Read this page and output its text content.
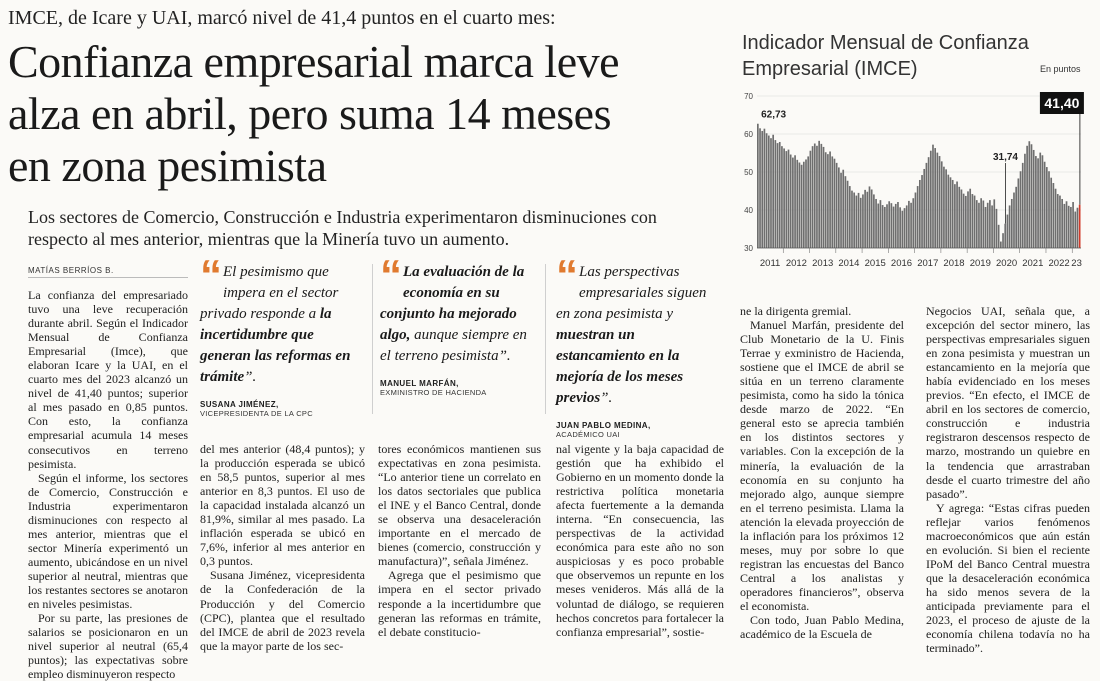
IMCE, de Icare y UAI, marcó nivel de 41,4 puntos en el cuarto mes:
Confianza empresarial marca leve
alza en abril, pero suma 14 meses
en zona pesimista
Los sectores de Comercio, Construcción e Industria experimentaron disminuciones con respecto al mes anterior, mientras que la Minería tuvo un aumento.
MATÍAS BERRÍOS B.

La confianza del empresariado tuvo una leve recuperación durante abril. Según el Indicador Mensual de Confianza Empresarial (Imce), que elaboran Icare y la UAI, en el cuarto mes del 2023 alcanzó un nivel de 41,40 puntos; superior al mes pasado en 0,85 puntos. Con esto, la confianza empresarial acumula 14 meses consecutivos en terreno pesimista.

Según el informe, los sectores de Comercio, Construcción e Industria experimentaron disminuciones con respecto al mes anterior, mientras que el sector Minería experimentó un aumento, ubicándose en un nivel superior al neutral, mientras que los restantes sectores se anotaron en niveles pesimistas.

Por su parte, las presiones de salarios se posicionaron en un nivel superior al neutral (65,4 puntos); las expectativas sobre empleo disminuyeron respecto

“ El pesimismo que impera en el sector privado responde a la incertidumbre que generan las reformas en trámite”.
SUSANA JIMÉNEZ,
VICEPRESIDENTA DE LA CPC
“ La evaluación de la economía en su conjunto ha mejorado algo, aunque siempre en el terreno pesimista”.
MANUEL MARFÁN,
EXMINISTRO DE HACIENDA
“ Las perspectivas empresariales siguen en zona pesimista y muestran un estancamiento en la mejoría de los meses previos”.
JUAN PABLO MEDINA,
ACADÉMICO UAI

del mes anterior (48,4 puntos); y la producción esperada se ubicó en 58,5 puntos, superior al mes anterior en 8,3 puntos. El uso de la capacidad instalada alcanzó un 81,9%, similar al mes pasado. La inflación esperada se ubicó en 7,6%, inferior al mes anterior en 0,3 puntos.

Susana Jiménez, vicepresidenta de la Confederación de la Producción y del Comercio (CPC), plantea que el resultado del IMCE de abril de 2023 revela que la mayor parte de los sec-

tores económicos mantienen sus expectativas en zona pesimista. “Lo anterior tiene un correlato en los datos sectoriales que publica el INE y el Banco Central, donde se observa una desaceleración importante en el mercado de bienes (comercio, construcción y manufactura)”, señala Jiménez.

Agrega que el pesimismo que impera en el sector privado responde a la incertidumbre que generan las reformas en trámite, el debate constitucio-

nal vigente y la baja capacidad de gestión que ha exhibido el Gobierno en un momento donde la restrictiva política monetaria afecta fuertemente a la demanda interna. “En consecuencia, las perspectivas de la actividad económica para este año no son auspiciosas y es poco probable que observemos un repunte en los meses venideros. Más allá de la voluntad de diálogo, se requieren hechos concretos para fortalecer la confianza empresarial”, sostie-

ne la dirigenta gremial.

Manuel Marfán, presidente del Club Monetario de la U. Finis Terrae y exministro de Hacienda, sostiene que el IMCE de abril se sitúa en un terreno claramente pesimista, como ha sido la tónica desde marzo de 2022. “En general esto se aprecia también en los distintos sectores y variables. Con la excepción de la minería, la evaluación de la economía en su conjunto ha mejorado algo, aunque siempre en el terreno pesimista. Llama la atención la elevada proyección de la inflación para los próximos 12 meses, muy por sobre lo que registran las encuestas del Banco Central a los analistas y operadores financieros”, observa el economista.

Con todo, Juan Pablo Medina, académico de la Escuela de

Negocios UAI, señala que, a excepción del sector minero, las perspectivas empresariales siguen en zona pesimista y muestran un estancamiento en la mejoría que había evidenciado en los meses previos. “En efecto, el IMCE de abril en los sectores de comercio, construcción e industria registraron descensos respecto de marzo, mostrando un quiebre en la tendencia que arrastraban desde el cuarto trimestre del año pasado”.

Y agrega: “Estas cifras pueden reflejar varios fenómenos macroeconómicos que aún están en evolución. Si bien el reciente IPoM del Banco Central muestra que la desaceleración económica ha sido menos severa de la anticipada previamente para el 2023, el proceso de ajuste de la economía chilena todavía no ha terminado”.

Indicador Mensual de Confianza Empresarial (IMCE)	En puntos
30
40
50
60
70
2011 2012 2013 2014 2015 2016 2017 2018 2019 2020 2021 2022 23
62,73
31,74
41,40
